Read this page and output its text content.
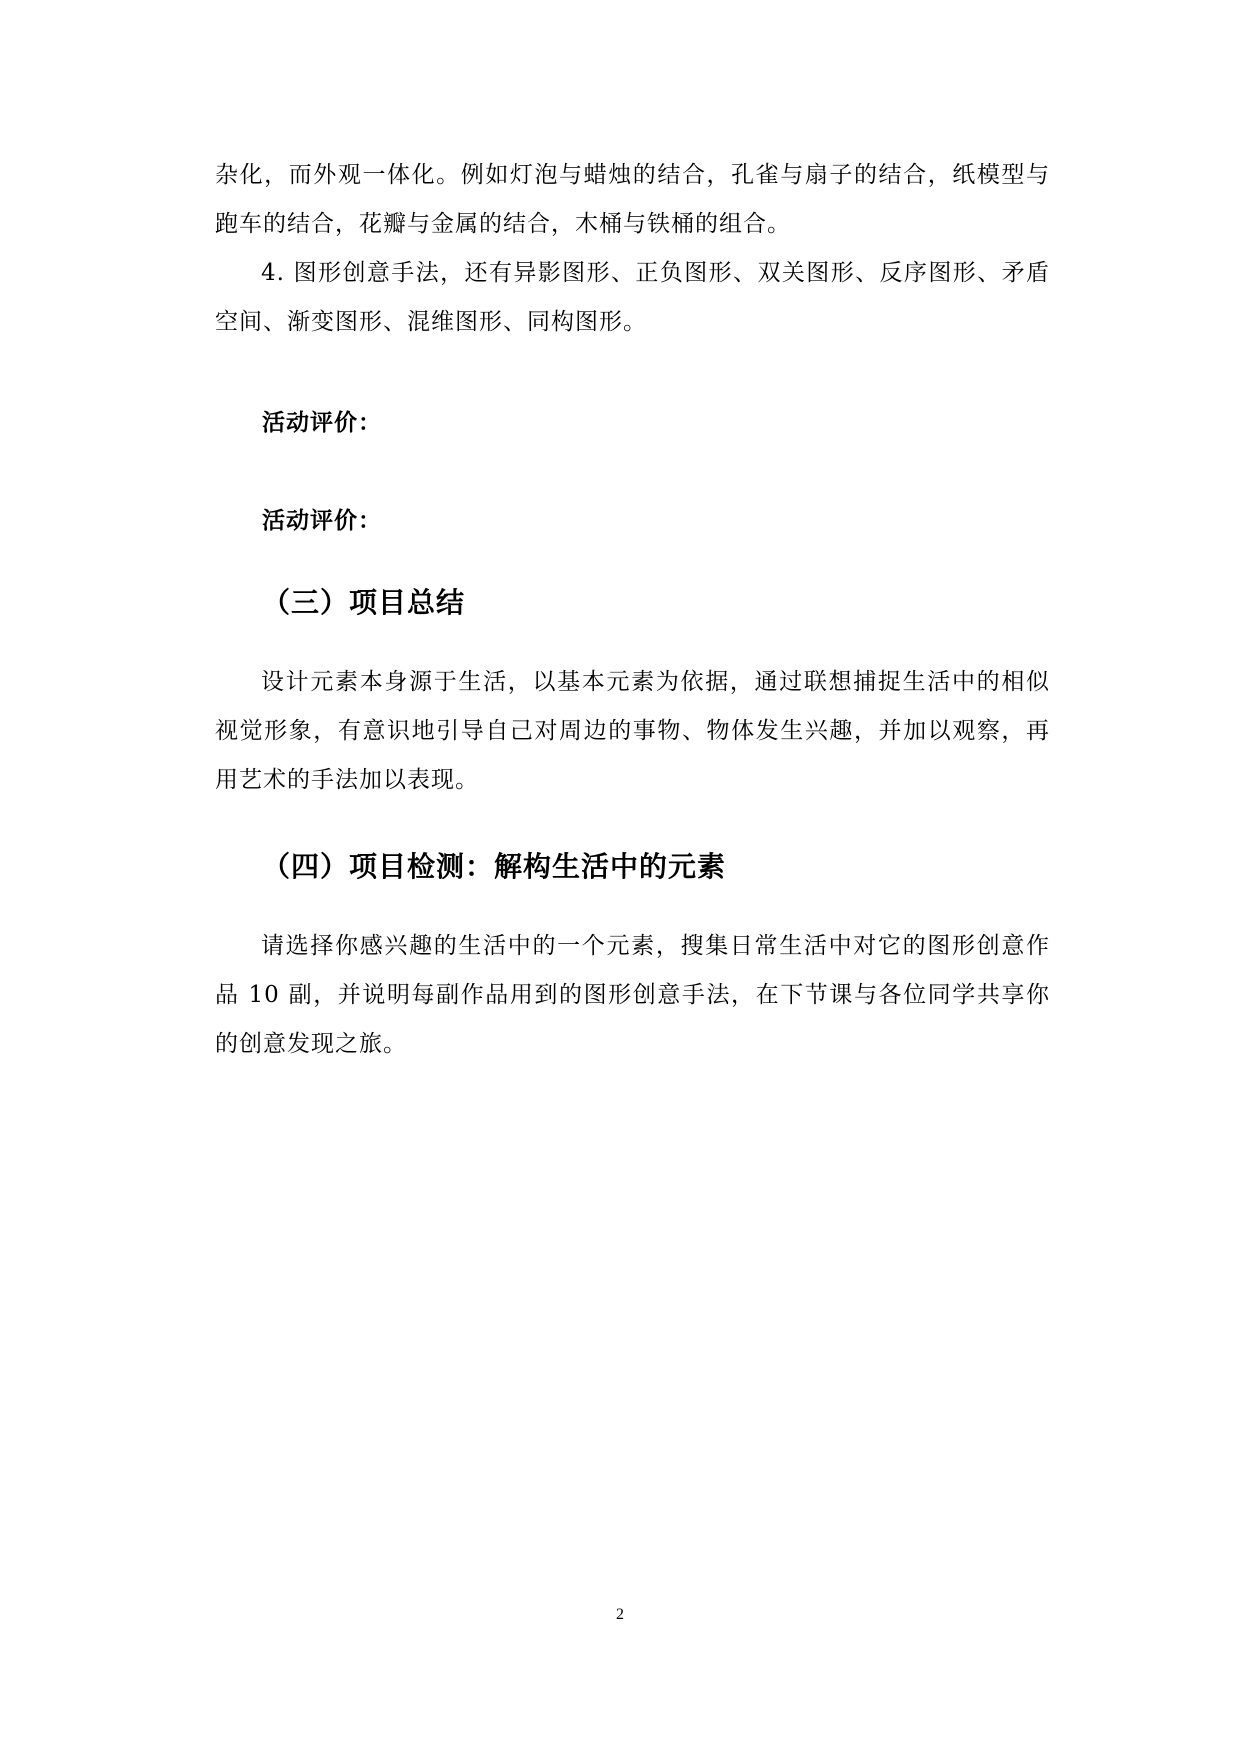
杂化，而外观一体化。例如灯泡与蜡烛的结合，孔雀与扇子的结合，纸模型与跑车的结合，花瓣与金属的结合，木桶与铁桶的组合。

4. 图形创意手法，还有异影图形、正负图形、双关图形、反序图形、矛盾空间、渐变图形、混维图形、同构图形。

活动评价：

活动评价：

（三）项目总结

设计元素本身源于生活，以基本元素为依据，通过联想捕捉生活中的相似视觉形象，有意识地引导自己对周边的事物、物体发生兴趣，并加以观察，再用艺术的手法加以表现。

（四）项目检测：解构生活中的元素

请选择你感兴趣的生活中的一个元素，搜集日常生活中对它的图形创意作品 10 副，并说明每副作品用到的图形创意手法，在下节课与各位同学共享你的创意发现之旅。

2
